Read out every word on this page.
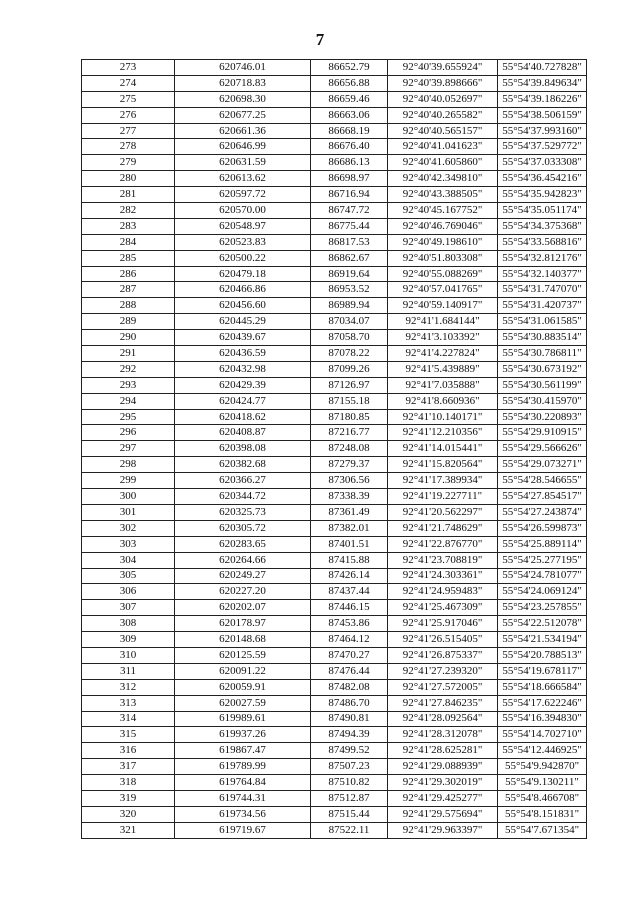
7
273	620746.01	86652.79	92°40'39.655924"	55°54'40.727828"
274	620718.83	86656.88	92°40'39.898666"	55°54'39.849634"
275	620698.30	86659.46	92°40'40.052697"	55°54'39.186226"
276	620677.25	86663.06	92°40'40.265582"	55°54'38.506159"
277	620661.36	86668.19	92°40'40.565157"	55°54'37.993160"
278	620646.99	86676.40	92°40'41.041623"	55°54'37.529772"
279	620631.59	86686.13	92°40'41.605860"	55°54'37.033308"
280	620613.62	86698.97	92°40'42.349810"	55°54'36.454216"
281	620597.72	86716.94	92°40'43.388505"	55°54'35.942823"
282	620570.00	86747.72	92°40'45.167752"	55°54'35.051174"
283	620548.97	86775.44	92°40'46.769046"	55°54'34.375368"
284	620523.83	86817.53	92°40'49.198610"	55°54'33.568816"
285	620500.22	86862.67	92°40'51.803308"	55°54'32.812176"
286	620479.18	86919.64	92°40'55.088269"	55°54'32.140377"
287	620466.86	86953.52	92°40'57.041765"	55°54'31.747070"
288	620456.60	86989.94	92°40'59.140917"	55°54'31.420737"
289	620445.29	87034.07	92°41'1.684144"	55°54'31.061585"
290	620439.67	87058.70	92°41'3.103392"	55°54'30.883514"
291	620436.59	87078.22	92°41'4.227824"	55°54'30.786811"
292	620432.98	87099.26	92°41'5.439889"	55°54'30.673192"
293	620429.39	87126.97	92°41'7.035888"	55°54'30.561199"
294	620424.77	87155.18	92°41'8.660936"	55°54'30.415970"
295	620418.62	87180.85	92°41'10.140171"	55°54'30.220893"
296	620408.87	87216.77	92°41'12.210356"	55°54'29.910915"
297	620398.08	87248.08	92°41'14.015441"	55°54'29.566626"
298	620382.68	87279.37	92°41'15.820564"	55°54'29.073271"
299	620366.27	87306.56	92°41'17.389934"	55°54'28.546655"
300	620344.72	87338.39	92°41'19.227711"	55°54'27.854517"
301	620325.73	87361.49	92°41'20.562297"	55°54'27.243874"
302	620305.72	87382.01	92°41'21.748629"	55°54'26.599873"
303	620283.65	87401.51	92°41'22.876770"	55°54'25.889114"
304	620264.66	87415.88	92°41'23.708819"	55°54'25.277195"
305	620249.27	87426.14	92°41'24.303361"	55°54'24.781077"
306	620227.20	87437.44	92°41'24.959483"	55°54'24.069124"
307	620202.07	87446.15	92°41'25.467309"	55°54'23.257855"
308	620178.97	87453.86	92°41'25.917046"	55°54'22.512078"
309	620148.68	87464.12	92°41'26.515405"	55°54'21.534194"
310	620125.59	87470.27	92°41'26.875337"	55°54'20.788513"
311	620091.22	87476.44	92°41'27.239320"	55°54'19.678117"
312	620059.91	87482.08	92°41'27.572005"	55°54'18.666584"
313	620027.59	87486.70	92°41'27.846235"	55°54'17.622246"
314	619989.61	87490.81	92°41'28.092564"	55°54'16.394830"
315	619937.26	87494.39	92°41'28.312078"	55°54'14.702710"
316	619867.47	87499.52	92°41'28.625281"	55°54'12.446925"
317	619789.99	87507.23	92°41'29.088939"	55°54'9.942870"
318	619764.84	87510.82	92°41'29.302019"	55°54'9.130211"
319	619744.31	87512.87	92°41'29.425277"	55°54'8.466708"
320	619734.56	87515.44	92°41'29.575694"	55°54'8.151831"
321	619719.67	87522.11	92°41'29.963397"	55°54'7.671354"
